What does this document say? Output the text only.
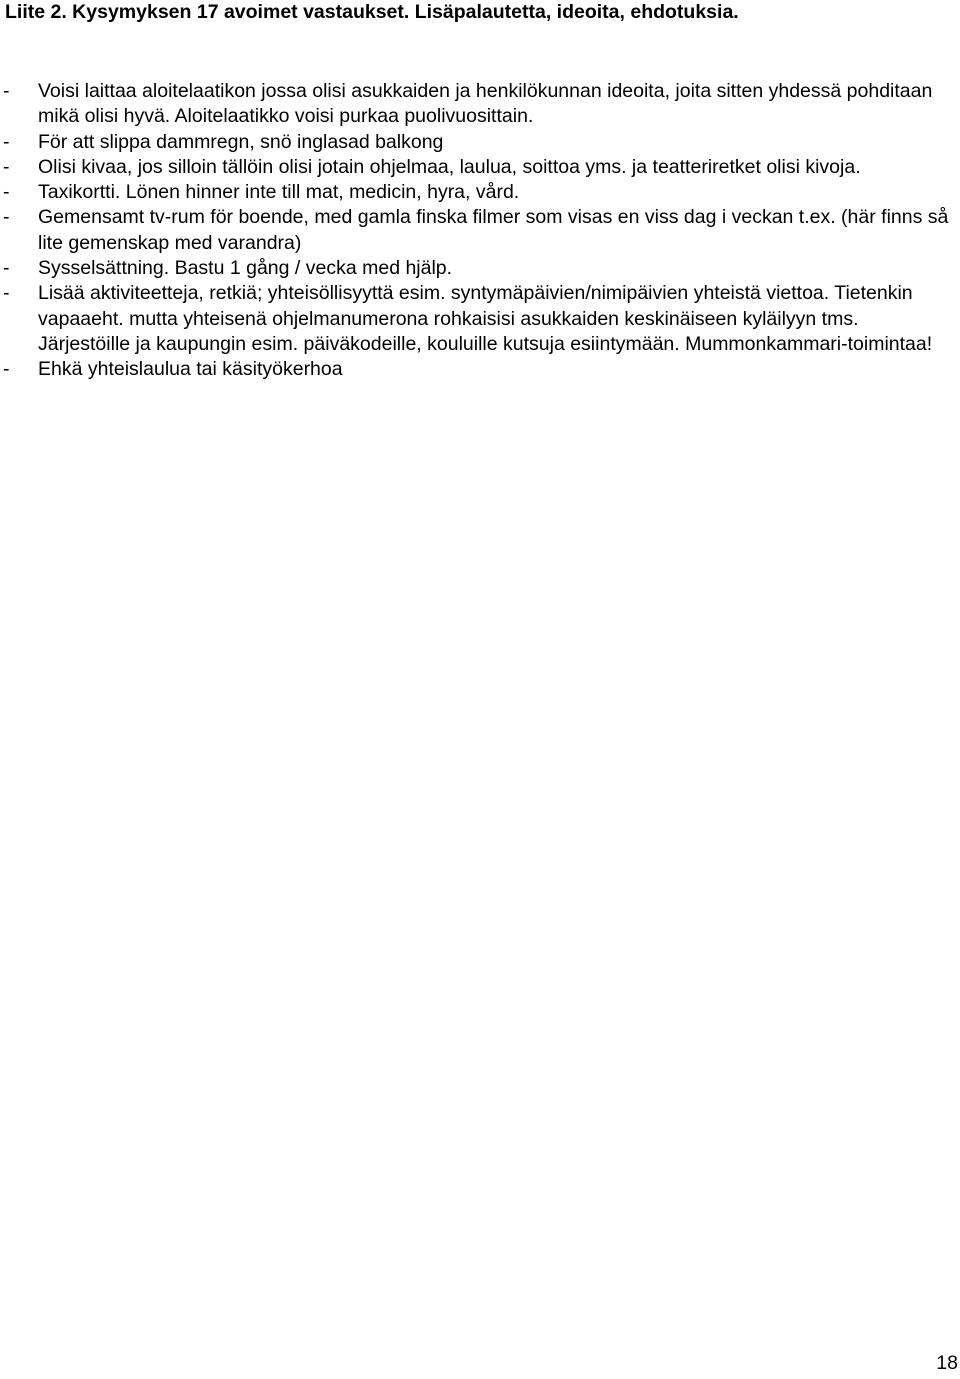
Liite 2. Kysymyksen 17 avoimet vastaukset. Lisäpalautetta, ideoita, ehdotuksia.
- Voisi laittaa aloitelaatikon jossa olisi asukkaiden ja henkilökunnan ideoita, joita sitten yhdessä pohditaan mikä olisi hyvä. Aloitelaatikko voisi purkaa puolivuosittain.
- För att slippa dammregn, snö inglasad balkong
- Olisi kivaa, jos silloin tällöin olisi jotain ohjelmaa, laulua, soittoa yms. ja teatteriretket olisi kivoja.
- Taxikortti. Lönen hinner inte till mat, medicin, hyra, vård.
- Gemensamt tv-rum för boende, med gamla finska filmer som visas en viss dag i veckan t.ex. (här finns så lite gemenskap med varandra)
- Sysselsättning. Bastu 1 gång / vecka med hjälp.
- Lisää aktiviteetteja, retkiä; yhteisöllisyyttä esim. syntymäpäivien/nimipäivien yhteistä viettoa. Tietenkin vapaaeht. mutta yhteisenä ohjelmanumerona rohkaisisi asukkaiden keskinäiseen kyläilyyn tms. Järjestöille ja kaupungin esim. päiväkodeille, kouluille kutsuja esiintymään. Mummonkammari-toimintaa!
- Ehkä yhteislaulua tai käsityökerhoa
18
